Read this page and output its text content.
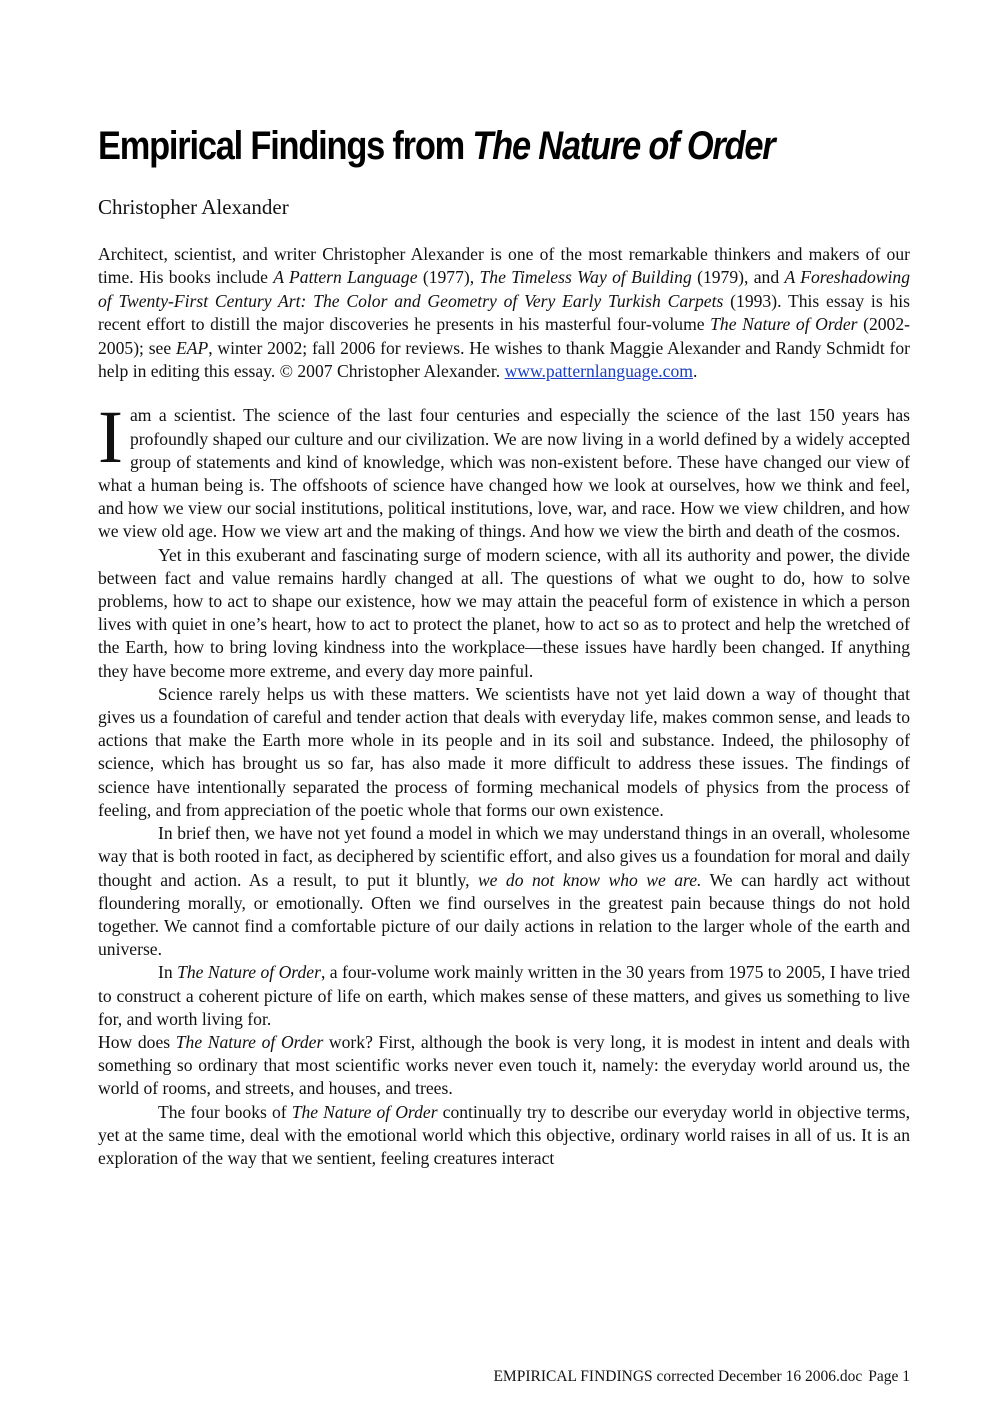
Empirical Findings from The Nature of Order
Christopher Alexander

Architect, scientist, and writer Christopher Alexander is one of the most remarkable thinkers and makers of our time. His books include A Pattern Language (1977), The Timeless Way of Building (1979), and A Foreshadowing of Twenty-First Century Art: The Color and Geometry of Very Early Turkish Carpets (1993). This essay is his recent effort to distill the major discoveries he presents in his masterful four-volume The Nature of Order (2002-2005); see EAP, winter 2002; fall 2006 for reviews. He wishes to thank Maggie Alexander and Randy Schmidt for help in editing this essay. © 2007 Christopher Alexander. www.patternlanguage.com.

I am a scientist. The science of the last four centuries and especially the science of the last 150 years has profoundly shaped our culture and our civilization. We are now living in a world defined by a widely accepted group of statements and kind of knowledge, which was non-existent before. These have changed our view of what a human being is. The offshoots of science have changed how we look at ourselves, how we think and feel, and how we view our social institutions, political institutions, love, war, and race. How we view children, and how we view old age. How we view art and the making of things. And how we view the birth and death of the cosmos.

Yet in this exuberant and fascinating surge of modern science, with all its authority and power, the divide between fact and value remains hardly changed at all. The questions of what we ought to do, how to solve problems, how to act to shape our existence, how we may attain the peaceful form of existence in which a person lives with quiet in one’s heart, how to act to protect the planet, how to act so as to protect and help the wretched of the Earth, how to bring loving kindness into the workplace—these issues have hardly been changed. If anything they have become more extreme, and every day more painful.

Science rarely helps us with these matters. We scientists have not yet laid down a way of thought that gives us a foundation of careful and tender action that deals with everyday life, makes common sense, and leads to actions that make the Earth more whole in its people and in its soil and substance. Indeed, the philosophy of science, which has brought us so far, has also made it more difficult to address these issues. The findings of science have intentionally separated the process of forming mechanical models of physics from the process of feeling, and from appreciation of the poetic whole that forms our own existence.

In brief then, we have not yet found a model in which we may understand things in an overall, wholesome way that is both rooted in fact, as deciphered by scientific effort, and also gives us a foundation for moral and daily thought and action. As a result, to put it bluntly, we do not know who we are. We can hardly act without floundering morally, or emotionally. Often we find ourselves in the greatest pain because things do not hold together. We cannot find a comfortable picture of our daily actions in relation to the larger whole of the earth and universe.

In The Nature of Order, a four-volume work mainly written in the 30 years from 1975 to 2005, I have tried to construct a coherent picture of life on earth, which makes sense of these matters, and gives us something to live for, and worth living for.

How does The Nature of Order work? First, although the book is very long, it is modest in intent and deals with something so ordinary that most scientific works never even touch it, namely: the everyday world around us, the world of rooms, and streets, and houses, and trees.

The four books of The Nature of Order continually try to describe our everyday world in objective terms, yet at the same time, deal with the emotional world which this objective, ordinary world raises in all of us. It is an exploration of the way that we sentient, feeling creatures interact

EMPIRICAL FINDINGS corrected December 16 2006.doc Page 1
